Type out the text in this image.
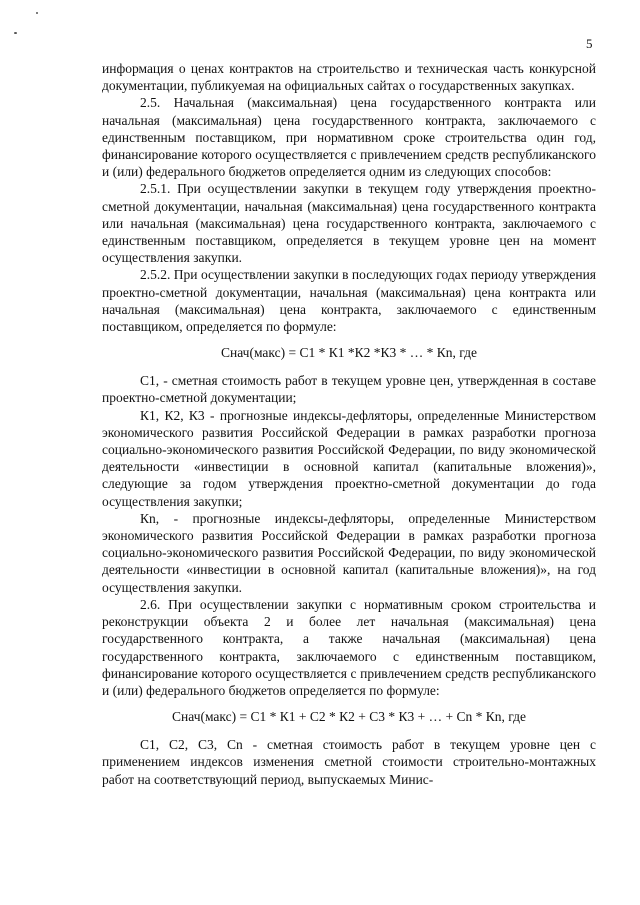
5

информация о ценах контрактов на строительство и техническая часть конкурсной документации, публикуемая на официальных сайтах о государственных закупках.

2.5. Начальная (максимальная) цена государственного контракта или начальная (максимальная) цена государственного контракта, заключаемого с единственным поставщиком, при нормативном сроке строительства один год, финансирование которого осуществляется с привлечением средств республиканского и (или) федерального бюджетов определяется одним из следующих способов:

2.5.1. При осуществлении закупки в текущем году утверждения проектно-сметной документации, начальная (максимальная) цена государственного контракта или начальная (максимальная) цена государственного контракта, заключаемого с единственным поставщиком, определяется в текущем уровне цен на момент осуществления закупки.

2.5.2. При осуществлении закупки в последующих годах периоду утверждения проектно-сметной документации, начальная (максимальная) цена контракта или начальная (максимальная) цена контракта, заключаемого с единственным поставщиком, определяется по формуле:

Снач(макс) = С1 * К1 *К2 *К3 * … * Кn, где

С1, - сметная стоимость работ в текущем уровне цен, утвержденная в составе проектно-сметной документации;

К1, К2, К3 - прогнозные индексы-дефляторы, определенные Министерством экономического развития Российской Федерации в рамках разработки прогноза социально-экономического развития Российской Федерации, по виду экономической деятельности «инвестиции в основной капитал (капитальные вложения)», следующие за годом утверждения проектно-сметной документации до года осуществления закупки;

Кn, - прогнозные индексы-дефляторы, определенные Министерством экономического развития Российской Федерации в рамках разработки прогноза социально-экономического развития Российской Федерации, по виду экономической деятельности «инвестиции в основной капитал (капитальные вложения)», на год осуществления закупки.

2.6. При осуществлении закупки с нормативным сроком строительства и реконструкции объекта 2 и более лет начальная (максимальная) цена государственного контракта, а также начальная (максимальная) цена государственного контракта, заключаемого с единственным поставщиком, финансирование которого осуществляется с привлечением средств республиканского и (или) федерального бюджетов определяется по формуле:

Снач(макс) = С1 * К1 + С2 * К2 + С3 * К3 + … + Сn * Кn, где

С1, С2, С3, Сn - сметная стоимость работ в текущем уровне цен с применением индексов изменения сметной стоимости строительно-монтажных работ на соответствующий период, выпускаемых Минис-
